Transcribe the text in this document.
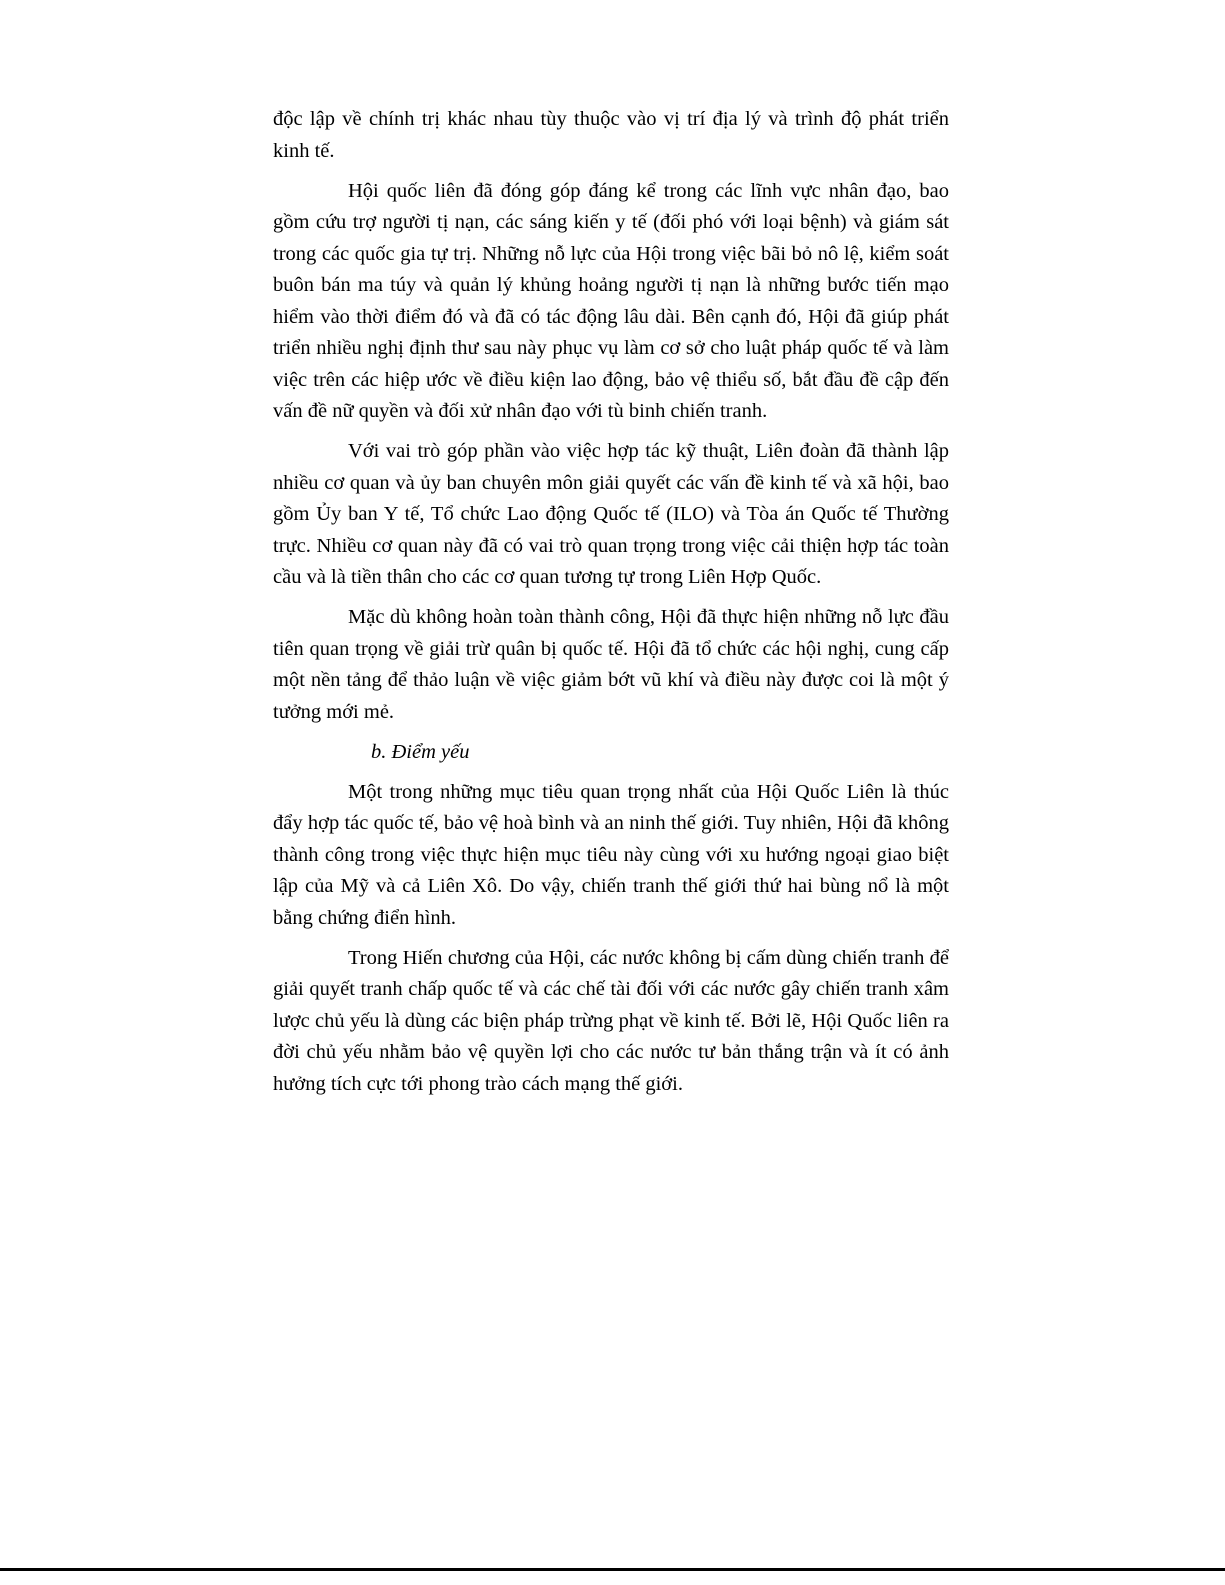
độc lập về chính trị khác nhau tùy thuộc vào vị trí địa lý và trình độ phát triển kinh tế.

Hội quốc liên đã đóng góp đáng kể trong các lĩnh vực nhân đạo, bao gồm cứu trợ người tị nạn, các sáng kiến y tế (đối phó với loại bệnh) và giám sát trong các quốc gia tự trị. Những nỗ lực của Hội trong việc bãi bỏ nô lệ, kiểm soát buôn bán ma túy và quản lý khủng hoảng người tị nạn là những bước tiến mạo hiểm vào thời điểm đó và đã có tác động lâu dài. Bên cạnh đó, Hội đã giúp phát triển nhiều nghị định thư sau này phục vụ làm cơ sở cho luật pháp quốc tế và làm việc trên các hiệp ước về điều kiện lao động, bảo vệ thiểu số, bắt đầu đề cập đến vấn đề nữ quyền và đối xử nhân đạo với tù binh chiến tranh.

Với vai trò góp phần vào việc hợp tác kỹ thuật, Liên đoàn đã thành lập nhiều cơ quan và ủy ban chuyên môn giải quyết các vấn đề kinh tế và xã hội, bao gồm Ủy ban Y tế, Tổ chức Lao động Quốc tế (ILO) và Tòa án Quốc tế Thường trực. Nhiều cơ quan này đã có vai trò quan trọng trong việc cải thiện hợp tác toàn cầu và là tiền thân cho các cơ quan tương tự trong Liên Hợp Quốc.

Mặc dù không hoàn toàn thành công, Hội đã thực hiện những nỗ lực đầu tiên quan trọng về giải trừ quân bị quốc tế. Hội đã tổ chức các hội nghị, cung cấp một nền tảng để thảo luận về việc giảm bớt vũ khí và điều này được coi là một ý tưởng mới mẻ.

b. Điểm yếu

Một trong những mục tiêu quan trọng nhất của Hội Quốc Liên là thúc đẩy hợp tác quốc tế, bảo vệ hoà bình và an ninh thế giới. Tuy nhiên, Hội đã không thành công trong việc thực hiện mục tiêu này cùng với xu hướng ngoại giao biệt lập của Mỹ và cả Liên Xô. Do vậy, chiến tranh thế giới thứ hai bùng nổ là một bằng chứng điển hình.

Trong Hiến chương của Hội, các nước không bị cấm dùng chiến tranh để giải quyết tranh chấp quốc tế và các chế tài đối với các nước gây chiến tranh xâm lược chủ yếu là dùng các biện pháp trừng phạt về kinh tế. Bởi lẽ, Hội Quốc liên ra đời chủ yếu nhằm bảo vệ quyền lợi cho các nước tư bản thắng trận và ít có ảnh hưởng tích cực tới phong trào cách mạng thế giới.
